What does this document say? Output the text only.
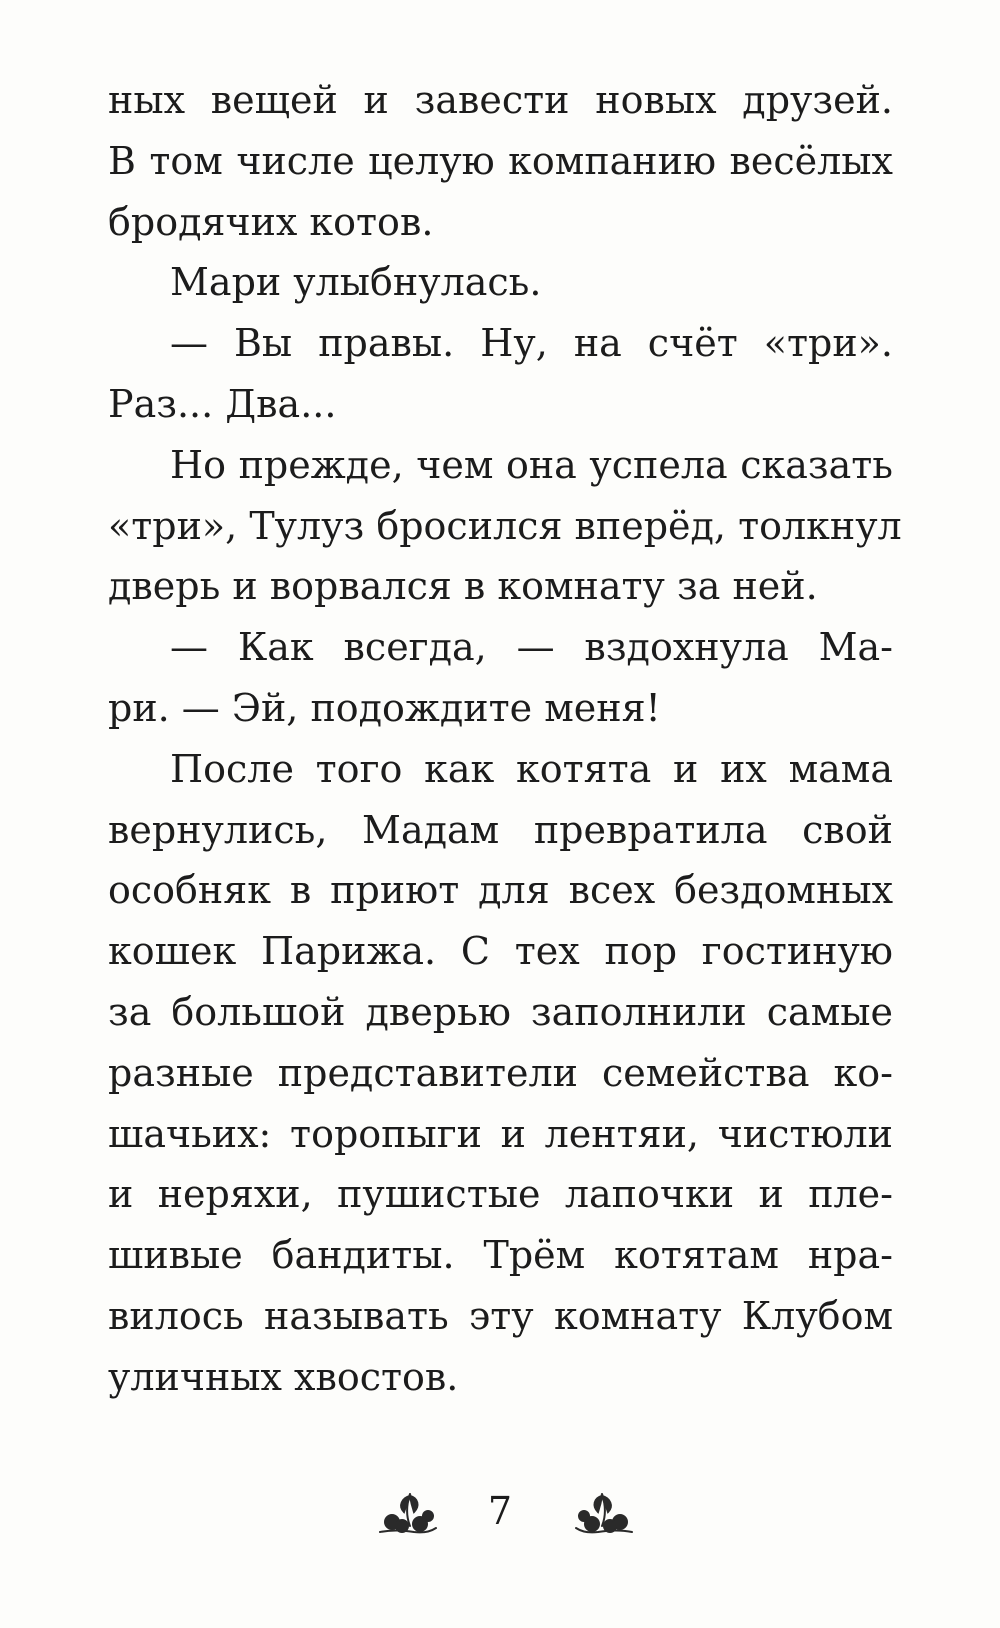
ных вещей и завести новых друзей.
В том числе целую компанию весёлых
бродячих котов.
Мари улыбнулась.
— Вы правы. Ну, на счёт «три».
Раз... Два...
Но прежде, чем она успела сказать
«три», Тулуз бросился вперёд, толкнул
дверь и ворвался в комнату за ней.
— Как всегда, — вздохнула Ма-
ри. — Эй, подождите меня!
После того как котята и их мама
вернулись, Мадам превратила свой
особняк в приют для всех бездомных
кошек Парижа. С тех пор гостиную
за большой дверью заполнили самые
разные представители семейства ко-
шачьих: торопыги и лентяи, чистюли
и неряхи, пушистые лапочки и пле-
шивые бандиты. Трём котятам нра-
вилось называть эту комнату Клубом
уличных хвостов.
7
